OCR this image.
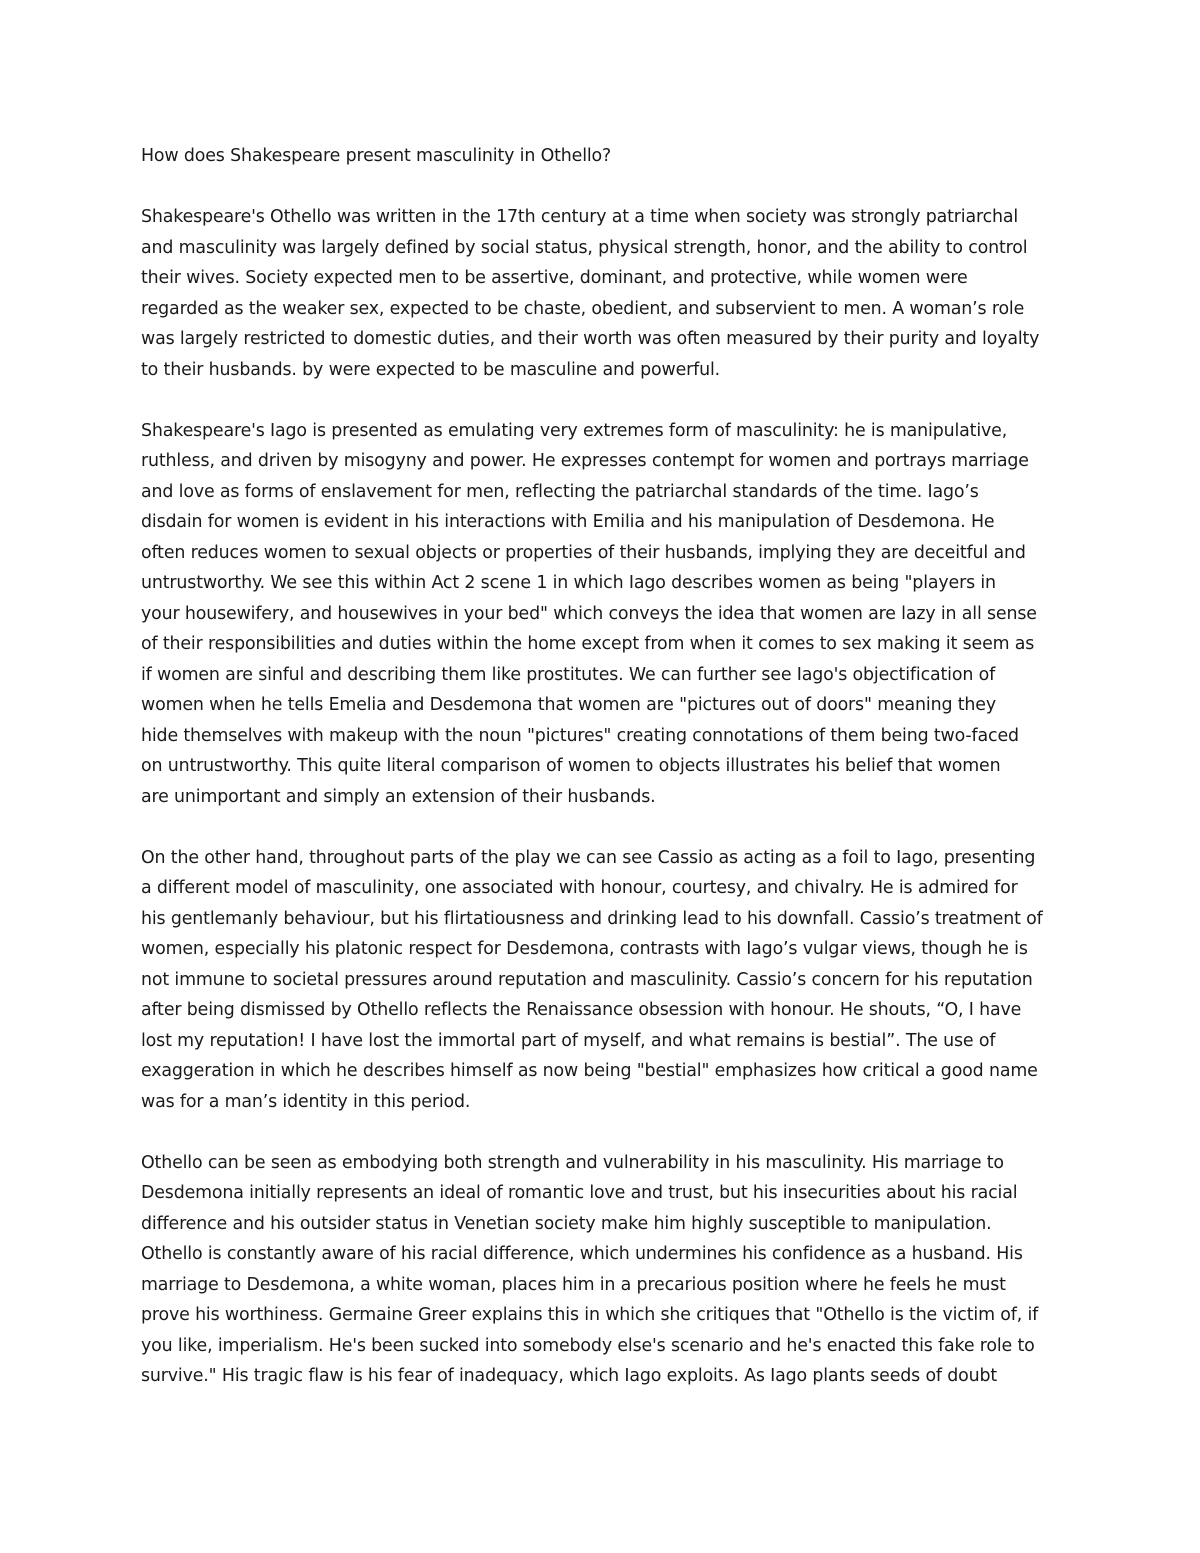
How does Shakespeare present masculinity in Othello?

Shakespeare's Othello was written in the 17th century at a time when society was strongly patriarchal
and masculinity was largely defined by social status, physical strength, honor, and the ability to control
their wives. Society expected men to be assertive, dominant, and protective, while women were
regarded as the weaker sex, expected to be chaste, obedient, and subservient to men. A woman’s role
was largely restricted to domestic duties, and their worth was often measured by their purity and loyalty
to their husbands. by were expected to be masculine and powerful.

Shakespeare's Iago is presented as emulating very extremes form of masculinity: he is manipulative,
ruthless, and driven by misogyny and power. He expresses contempt for women and portrays marriage
and love as forms of enslavement for men, reflecting the patriarchal standards of the time. Iago’s
disdain for women is evident in his interactions with Emilia and his manipulation of Desdemona. He
often reduces women to sexual objects or properties of their husbands, implying they are deceitful and
untrustworthy. We see this within Act 2 scene 1 in which Iago describes women as being "players in
your housewifery, and housewives in your bed" which conveys the idea that women are lazy in all sense
of their responsibilities and duties within the home except from when it comes to sex making it seem as
if women are sinful and describing them like prostitutes. We can further see Iago's objectification of
women when he tells Emelia and Desdemona that women are "pictures out of doors" meaning they
hide themselves with makeup with the noun "pictures" creating connotations of them being two-faced
on untrustworthy. This quite literal comparison of women to objects illustrates his belief that women
are unimportant and simply an extension of their husbands.

On the other hand, throughout parts of the play we can see Cassio as acting as a foil to Iago, presenting
a different model of masculinity, one associated with honour, courtesy, and chivalry. He is admired for
his gentlemanly behaviour, but his flirtatiousness and drinking lead to his downfall. Cassio’s treatment of
women, especially his platonic respect for Desdemona, contrasts with Iago’s vulgar views, though he is
not immune to societal pressures around reputation and masculinity. Cassio’s concern for his reputation
after being dismissed by Othello reflects the Renaissance obsession with honour. He shouts, “O, I have
lost my reputation! I have lost the immortal part of myself, and what remains is bestial”. The use of
exaggeration in which he describes himself as now being "bestial" emphasizes how critical a good name
was for a man’s identity in this period.

Othello can be seen as embodying both strength and vulnerability in his masculinity. His marriage to
Desdemona initially represents an ideal of romantic love and trust, but his insecurities about his racial
difference and his outsider status in Venetian society make him highly susceptible to manipulation.
Othello is constantly aware of his racial difference, which undermines his confidence as a husband. His
marriage to Desdemona, a white woman, places him in a precarious position where he feels he must
prove his worthiness. Germaine Greer explains this in which she critiques that "Othello is the victim of, if
you like, imperialism. He's been sucked into somebody else's scenario and he's enacted this fake role to
survive." His tragic flaw is his fear of inadequacy, which Iago exploits. As Iago plants seeds of doubt
